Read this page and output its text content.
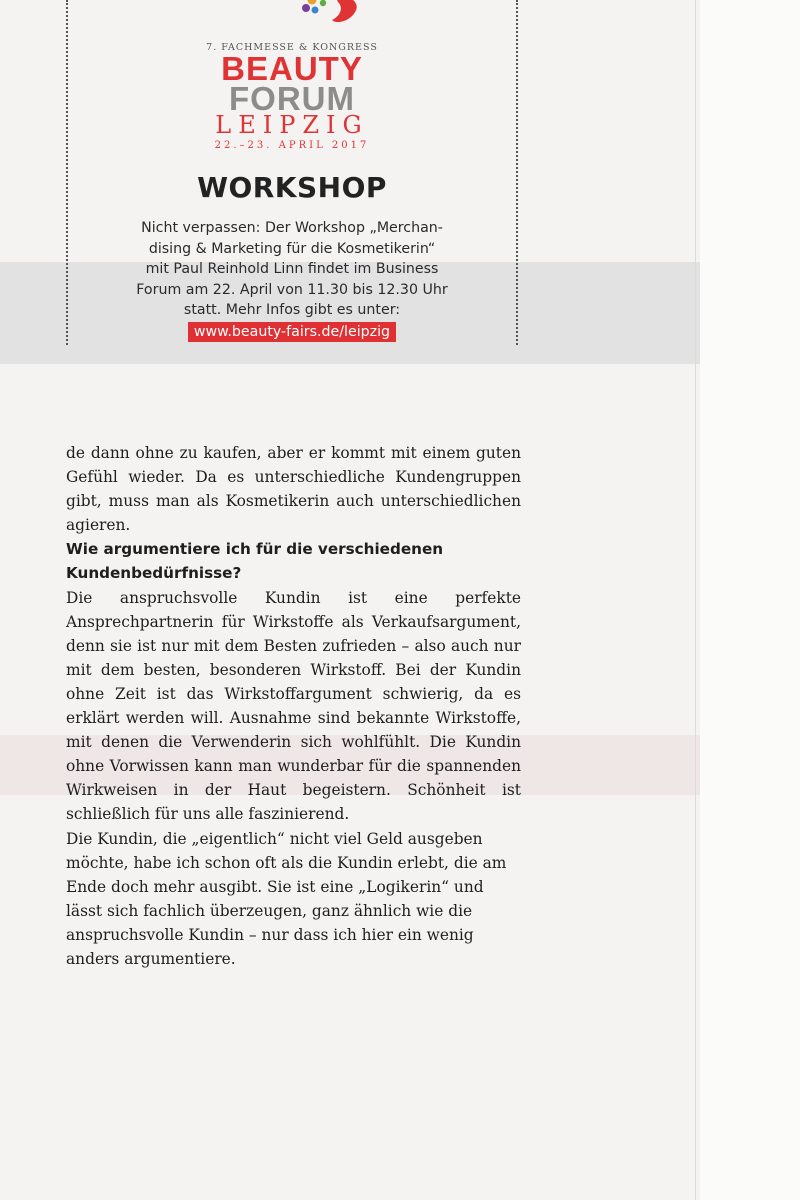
7. FACHMESSE & KONGRESS
BEAUTY
FORUM
LEIPZIG
22.–23. APRIL 2017
WORKSHOP
Nicht verpassen: Der Workshop „Merchan-
dising & Marketing für die Kosmetikerin“
mit Paul Reinhold Linn findet im Business
Forum am 22. April von 11.30 bis 12.30 Uhr
statt. Mehr Infos gibt es unter:
www.beauty-fairs.de/leipzig

de dann ohne zu kaufen, aber er kommt mit einem guten Gefühl wieder. Da es unterschiedliche Kundengruppen gibt, muss man als Kosmetikerin auch unterschiedlichen agieren.

Wie argumentiere ich für die verschiedenen Kundenbedürfnisse?

Die anspruchsvolle Kundin ist eine perfekte Ansprechpartnerin für Wirkstoffe als Verkaufsargument, denn sie ist nur mit dem Besten zufrieden – also auch nur mit dem besten, besonderen Wirkstoff. Bei der Kundin ohne Zeit ist das Wirkstoffargument schwierig, da es erklärt werden will. Ausnahme sind bekannte Wirkstoffe, mit denen die Verwenderin sich wohlfühlt. Die Kundin ohne Vorwissen kann man wunderbar für die spannenden Wirkweisen in der Haut begeistern. Schönheit ist schließlich für uns alle faszinierend.

Die Kundin, die „eigentlich“ nicht viel Geld ausgeben möchte, habe ich schon oft als die Kundin erlebt, die am Ende doch mehr ausgibt. Sie ist eine „Logikerin“ und lässt sich fachlich überzeugen, ganz ähnlich wie die anspruchsvolle Kundin – nur dass ich hier ein wenig anders argumentiere.
